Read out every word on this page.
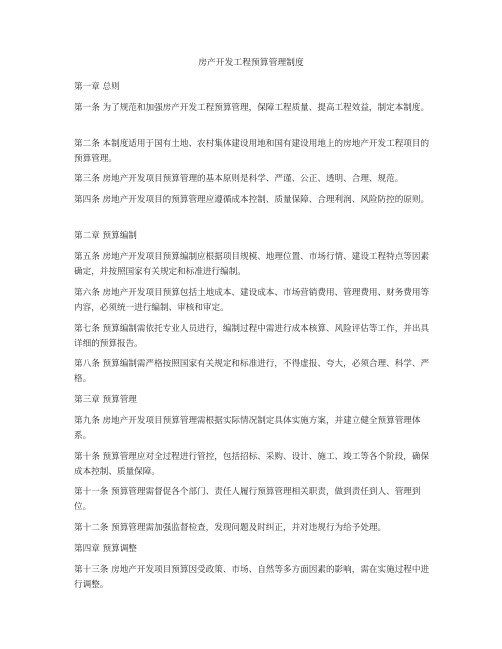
房产开发工程预算管理制度

第一章 总则

第一条 为了规范和加强房产开发工程预算管理，保障工程质量、提高工程效益，制定本制度。

第二条 本制度适用于国有土地、农村集体建设用地和国有建设用地上的房地产开发工程项目的预算管理。

第三条 房地产开发项目预算管理的基本原则是科学、严谨、公正、透明、合理、规范。

第四条 房地产开发项目的预算管理应遵循成本控制、质量保障、合理利润、风险防控的原则。

第二章 预算编制

第五条 房地产开发项目预算编制应根据项目规模、地理位置、市场行情、建设工程特点等因素确定，并按照国家有关规定和标准进行编制。

第六条 房地产开发项目预算包括土地成本、建设成本、市场营销费用、管理费用、财务费用等内容，必须统一进行编制、审核和审定。

第七条 预算编制需依托专业人员进行，编制过程中需进行成本核算、风险评估等工作，并出具详细的预算报告。

第八条 预算编制需严格按照国家有关规定和标准进行，不得虚报、夸大，必须合理、科学、严格。

第三章 预算管理

第九条 房地产开发项目预算管理需根据实际情况制定具体实施方案，并建立健全预算管理体系。

第十条 预算管理应对全过程进行管控，包括招标、采购、设计、施工、竣工等各个阶段，确保成本控制、质量保障。

第十一条 预算管理需督促各个部门、责任人履行预算管理相关职责，做到责任到人、管理到位。

第十二条 预算管理需加强监督检查，发现问题及时纠正，并对违规行为给予处理。

第四章 预算调整

第十三条 房地产开发项目预算因受政策、市场、自然等多方面因素的影响，需在实施过程中进行调整。
